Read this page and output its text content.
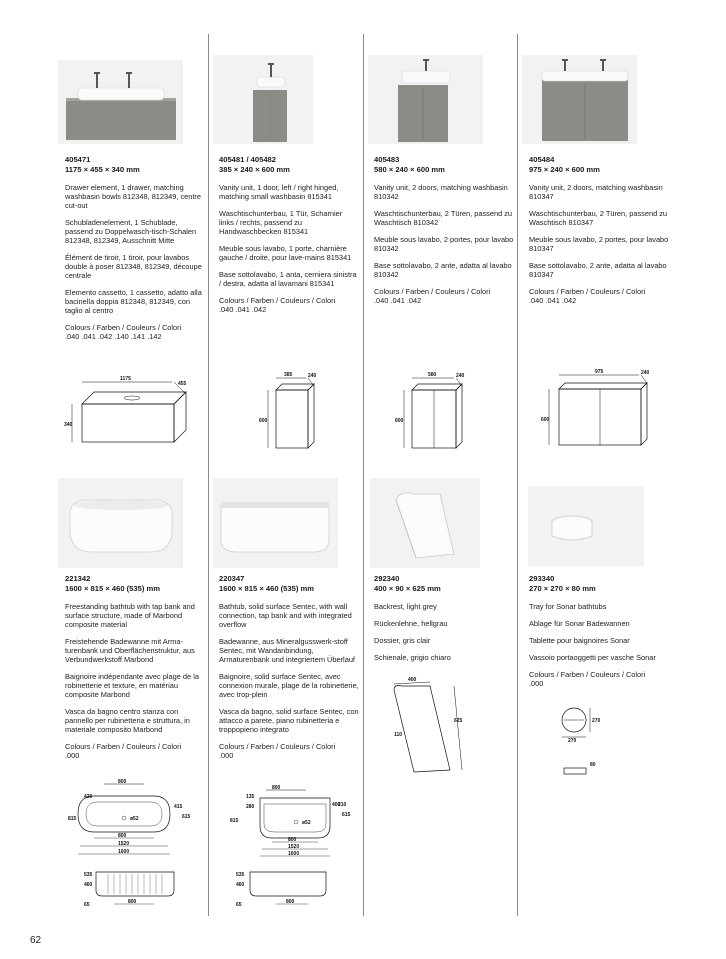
405471
1175 × 455 × 340 mm

Drawer element, 1 drawer, matching washbasin bowls 812348, 812349, centre cut-out

Schubladenelement, 1 Schublade, passend zu Doppelwasch-tisch-Schalen 812348, 812349, Ausschnitt Mitte

Élément de tiroir, 1 tiroir, pour lavabos double à poser 812348, 812349, découpe centrale

Elemento cassetto, 1 cassetto, adatto alla bacinella doppia 812348, 812349, con taglio al centro

Colours / Farben / Couleurs / Colori
.040 .041 .042 .140 .141 .142
405481 / 405482
385 × 240 × 600 mm

Vanity unit, 1 door, left / right hinged, matching small washbasin 815341

Waschtischunterbau, 1 Tür, Scharnier links / rechts, passend zu Handwaschbecken 815341

Meuble sous lavabo, 1 porte, charnière gauche / droite, pour lave-mains 815341

Base sottolavabo, 1 anta, cerniera sinistra / destra, adatta al lavamani 815341

Colours / Farben / Couleurs / Colori
.040 .041 .042
405483
580 × 240 × 600 mm

Vanity unit, 2 doors, matching washbasin 810342

Waschtischunterbau, 2 Türen, passend zu Waschtisch 810342

Meuble sous lavabo, 2 portes, pour lavabo 810342

Base sottolavabo, 2 ante, adatta al lavabo 810342

Colours / Farben / Couleurs / Colori
.040 .041 .042
405484
975 × 240 × 600 mm

Vanity unit, 2 doors, matching washbasin 810347

Waschtischunterbau, 2 Türen, passend zu Waschtisch 810347

Meuble sous lavabo, 2 portes, pour lavabo 810347

Base sottolavabo, 2 ante, adatta al lavabo 810347

Colours / Farben / Couleurs / Colori
.040 .041 .042
1175
455
340
385	240
600
580	240
600
975	240
600
221342
1600 × 815 × 460 (535) mm

Freestanding bathtub with tap bank and surface structure, made of Marbond composite material

Freistehende Badewanne mit Arma-turenbank und Oberflächenstruktur, aus Verbundwerkstoff Marbond

Baignoire indépendante avec plage de la robinetterie et texture, en matériau composite Marbond

Vasca da bagno centro stanza con pannello per rubinetteria e struttura, in materiale composito Marbond

Colours / Farben / Couleurs / Colori
.000
220347
1600 × 815 × 460 (535) mm

Bathtub, solid surface Sentec, with wall connection, tap bank and with integrated overflow

Badewanne, aus Mineralgusswerk-stoff Sentec, mit Wandanbindung, Armaturenbank und integriertem Überlauf

Baignoire, solid surface Sentec, avec connexion murale, plage de la robinetterie, avec trop-plein

Vasca da bagno, solid surface Sentec, con attacco a parete, piano rubinetteria e troppopieno integrato

Colours / Farben / Couleurs / Colori
.000
292340
400 × 90 × 625 mm

Backrest, light grey

Rückenlehne, hellgrau

Dossier, gris clair

Schienale, grigio chiaro

293340
270 × 270 × 80 mm

Tray for Sonar bathtubs

Ablage für Sonar Badewannen

Tablette pour baignoires Sonar

Vassoio portaoggetti per vasche Sonar

Colours / Farben / Couleurs / Colori
.000
800
420
815	ø52
415
615
800
1520
1600
535
460
800
65
800
135
280
815	ø52
400
210
615
800
1520
1600
535
460
800
65
400
625
110
270
270
80
62
